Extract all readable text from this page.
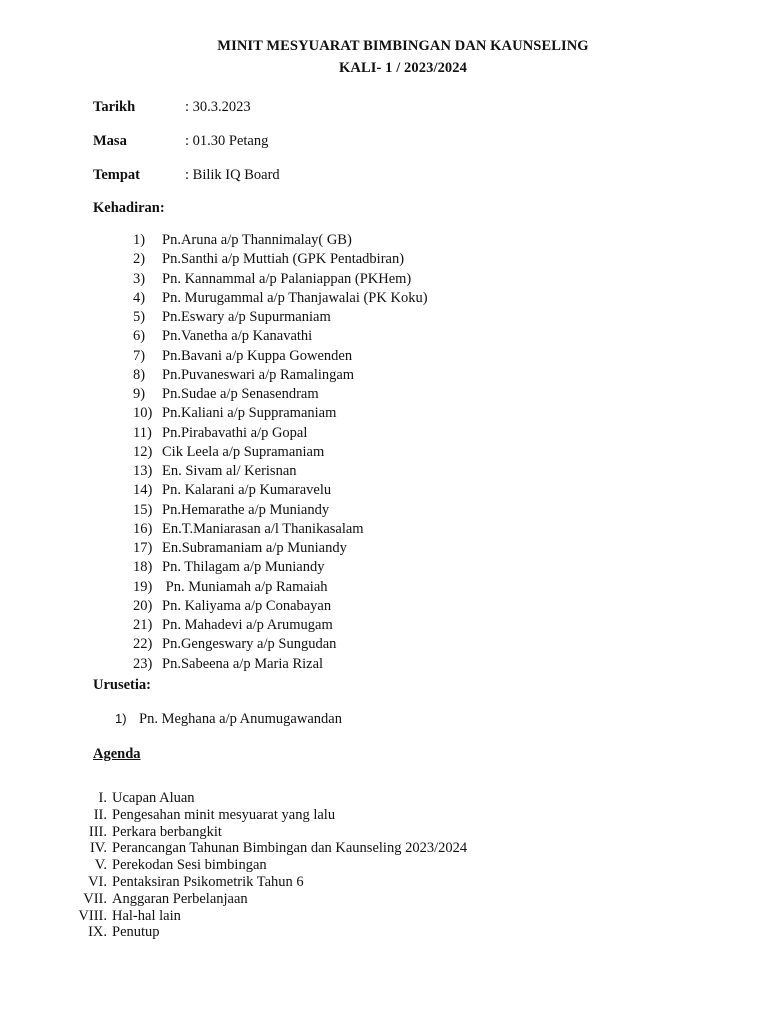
MINIT MESYUARAT BIMBINGAN DAN KAUNSELING
KALI- 1 / 2023/2024
Tarikh	: 30.3.2023
Masa	: 01.30 Petang
Tempat	: Bilik IQ Board
Kehadiran:
1) Pn.Aruna a/p Thannimalay( GB)
2) Pn.Santhi a/p Muttiah (GPK Pentadbiran)
3) Pn. Kannammal a/p Palaniappan (PKHem)
4) Pn. Murugammal a/p Thanjawalai (PK Koku)
5) Pn.Eswary a/p Supurmaniam
6) Pn.Vanetha a/p Kanavathi
7) Pn.Bavani a/p Kuppa Gowenden
8) Pn.Puvaneswari a/p Ramalingam
9) Pn.Sudae a/p Senasendram
10) Pn.Kaliani a/p Suppramaniam
11) Pn.Pirabavathi a/p Gopal
12) Cik Leela a/p Supramaniam
13) En. Sivam al/ Kerisnan
14) Pn. Kalarani a/p Kumaravelu
15) Pn.Hemarathe a/p Muniandy
16) En.T.Maniarasan a/l Thanikasalam
17) En.Subramaniam a/p Muniandy
18) Pn. Thilagam a/p Muniandy
19) Pn. Muniamah a/p Ramaiah
20) Pn. Kaliyama a/p Conabayan
21) Pn. Mahadevi a/p Arumugam
22) Pn.Gengeswary a/p Sungudan
23) Pn.Sabeena a/p Maria Rizal
Urusetia:
1) Pn. Meghana a/p Anumugawandan
Agenda
I. Ucapan Aluan
II. Pengesahan minit mesyuarat yang lalu
III. Perkara berbangkit
IV. Perancangan Tahunan Bimbingan dan Kaunseling 2023/2024
V. Perekodan Sesi bimbingan
VI. Pentaksiran Psikometrik Tahun 6
VII. Anggaran Perbelanjaan
VIII. Hal-hal lain
IX. Penutup
